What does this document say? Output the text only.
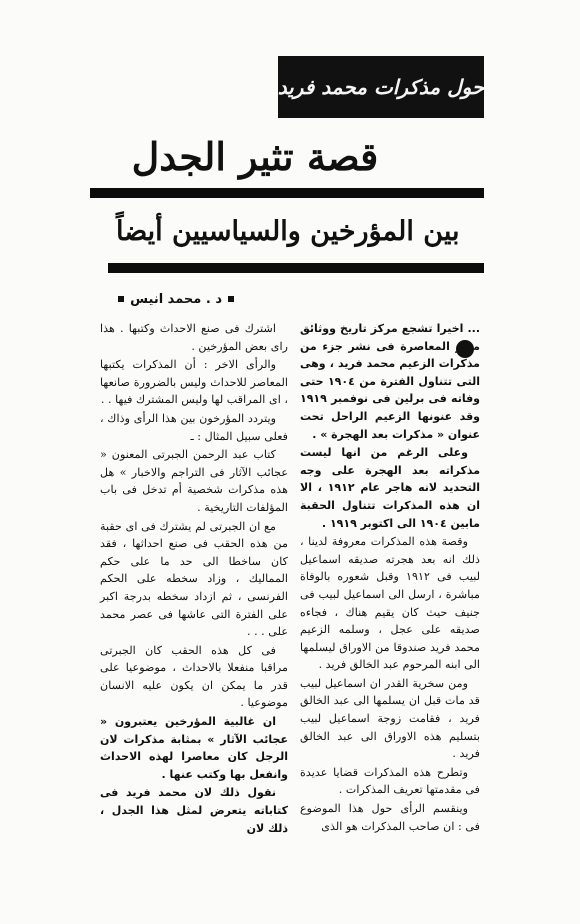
حول مذكرات محمد فريد
قصة تثير الجدل
بين المؤرخين والسياسيين أيضاً
د . محمد انيس

... اخيرا تشجع مركز تاريخ ووثائق مصر المعاصرة فى نشر جزء من مذكرات الزعيم محمد فريد ، وهى التى تتناول الفترة من ١٩٠٤ حتى وفاته فى برلين فى نوفمبر ١٩١٩ وقد عنونها الزعيم الراحل تحت عنوان « مذكرات بعد الهجرة » .

وعلى الرغم من انها ليست مذكراته بعد الهجرة على وجه التحديد لانه هاجر عام ١٩١٢ ، الا ان هذه المذكرات تتناول الحقبة مابين ١٩٠٤ الى اكتوبر ١٩١٩ .

وقصة هذه المذكرات معروفة لدينا ، ذلك انه بعد هجرته صديقه اسماعيل لبيب فى ١٩١٢ وقبل شعوره بالوفاة مباشرة ، ارسل الى اسماعيل لبيب فى جنيف حيث كان يقيم هناك ، فجاءه صديقه على عجل ، وسلمه الزعيم محمد فريد صندوقا من الاوراق ليسلمها الى ابنه المرحوم عبد الخالق فريد .

ومن سخرية القدر ان اسماعيل لبيب قد مات قبل ان يسلمها الى عبد الخالق فريد ، فقامت زوجة اسماعيل لبيب بتسليم هذه الاوراق الى عبد الخالق فريد .

وتطرح هذه المذكرات قضايا عديدة فى مقدمتها تعريف المذكرات .

وينقسم الرأى حول هذا الموضوع فى : ان صاحب المذكرات هو الذى

اشترك فى صنع الاحداث وكتبها . هذا راى بعض المؤرخين .

والرأى الاخر : أن المذكرات يكتبها المعاصر للاحداث وليس بالضرورة صانعها ، اى المراقب لها وليس المشترك فيها . .

ويتردد المؤرخون بين هذا الرأى وذاك ، فعلى سبيل المثال : ـ

كتاب عبد الرحمن الجبرتى المعنون « عجائب الآثار فى التراجم والاخبار » هل هذه مذكرات شخصية أم تدخل فى باب المؤلفات التاريخية .

مع ان الجبرتى لم يشترك فى اى حقبة من هذه الحقب فى صنع احداثها ، فقد كان ساخطا الى حد ما على حكم المماليك ، وزاد سخطه على الحكم الفرنسى ، ثم ازداد سخطه بدرجة اكبر على الفترة التى عاشها فى عصر محمد على . . .

فى كل هذه الحقب كان الجبرتى مراقبا منفعلا بالاحداث ، موضوعيا على قدر ما يمكن ان يكون عليه الانسان موضوعيا .

ان غالبية المؤرخين يعتبرون « عجائب الآثار » بمثابة مذكرات لان الرجل كان معاصرا لهذه الاحداث وانفعل بها وكتب عنها .

نقول ذلك لان محمد فريد فى كتاباته يتعرض لمثل هذا الجدل ، ذلك لان
